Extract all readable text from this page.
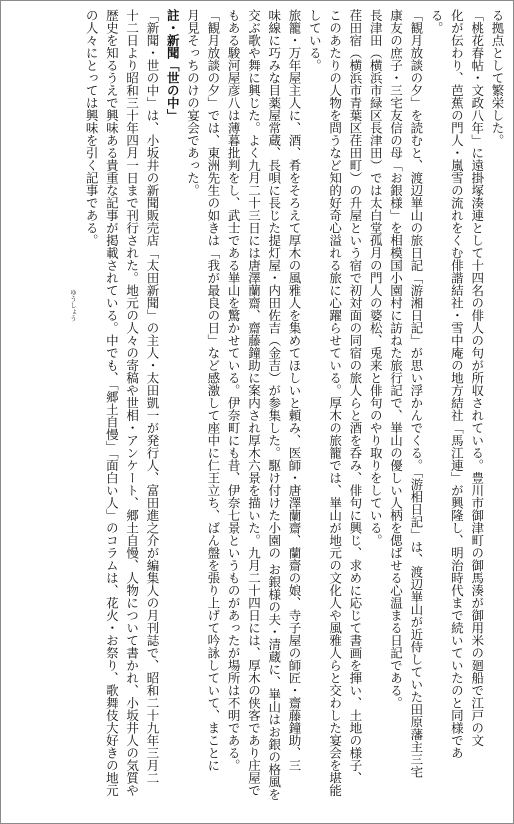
る拠点として繁栄した。
「桃花春帖・文政八年」に遠掛塚湊連として十四名の俳人の句が所収されている。豊川市御津町の御馬湊が御用米の廻船で江戸の文
化が伝わり、芭蕉の門人・嵐雪の流れをくむ俳諧結社・雪中庵の地方結社「馬江連」が興隆し、明治時代まで続いていたのと同様であ
る。
「観月放談の夕」を読むと、渡辺崋山の旅日記「游湘日記」が思い浮かんでくる。「游相日記」は、渡辺崋山が近侍していた田原藩主三宅
康友の庶子・三宅友信の母「お銀様」を相模国小園村に訪ねた旅行記で、崋山の優しい人柄を偲ばせる心温まる日記である。
長津田（横浜市緑区長津田）では太白堂孤月の門人の婆松、兎来と俳句のやり取りをしている。
荏田宿（横浜市青葉区荏田町）の升屋という宿で初対面の同宿の旅人らと酒を呑み、俳句に興じ、求めに応じて書画を揮い、土地の様子、
このあたりの人物を問うなど知的好奇心溢れる旅に心躍らせている。厚木の旅籠では、崋山が地元の文化人や風雅人らと交わした宴会を堪能
している。
旅籠・万年屋主人に、酒、肴をそろえて厚木の風雅人を集めてほしいと頼み、医師・唐澤蘭齋、蘭齋の娘、寺子屋の師匠・齋藤鐘助、三
味線に巧みな目薬屋常蔵、長唄に長じた提灯屋・内田佐吉（金吉）が参集した。駆け付けた小園の お銀様の夫・清蔵に、崋山はお銀の格風を
交ぶ歌や舞に興じた。よく九月二十三日には唐澤蘭齋、齋藤鐘助に案内され厚木六景を描いた。九月二十四日には、厚木の侠客であり庄屋で
もある駿河屋彦八は薄暮批判をし、武士である崋山を驚かせている。伊奈町にも昔、伊奈七景というものがあったが場所は不明である。
「観月放談の夕」では、東洲先生の如きは「我が最良の日」など感激して座中に仁王立ち、ばん盤を張り上げて吟詠していて、まことに
月見そっちのけの宴会であった。
註・新聞「世の中」
「新聞・世の中」は、小坂井の新聞販売店「太田新聞」の主人・太田凱一が発行人、富田進之介が編集人の月刊誌で、昭和二十九年三月二
十二日より昭和三十年四月一日まで刊行された。地元の人々の寄稿や世相・アンケート、郷土自慢、人物について書かれ、小坂井人の気質や
歴史を知るうえで興味ある貴重な記事が掲載されている。中でも、「郷土自慢」「面白い人」のコラムは、花火・お祭り、歌舞伎大好きの地元
の人々にとっては興味を引く記事である。
ゆうしょう
